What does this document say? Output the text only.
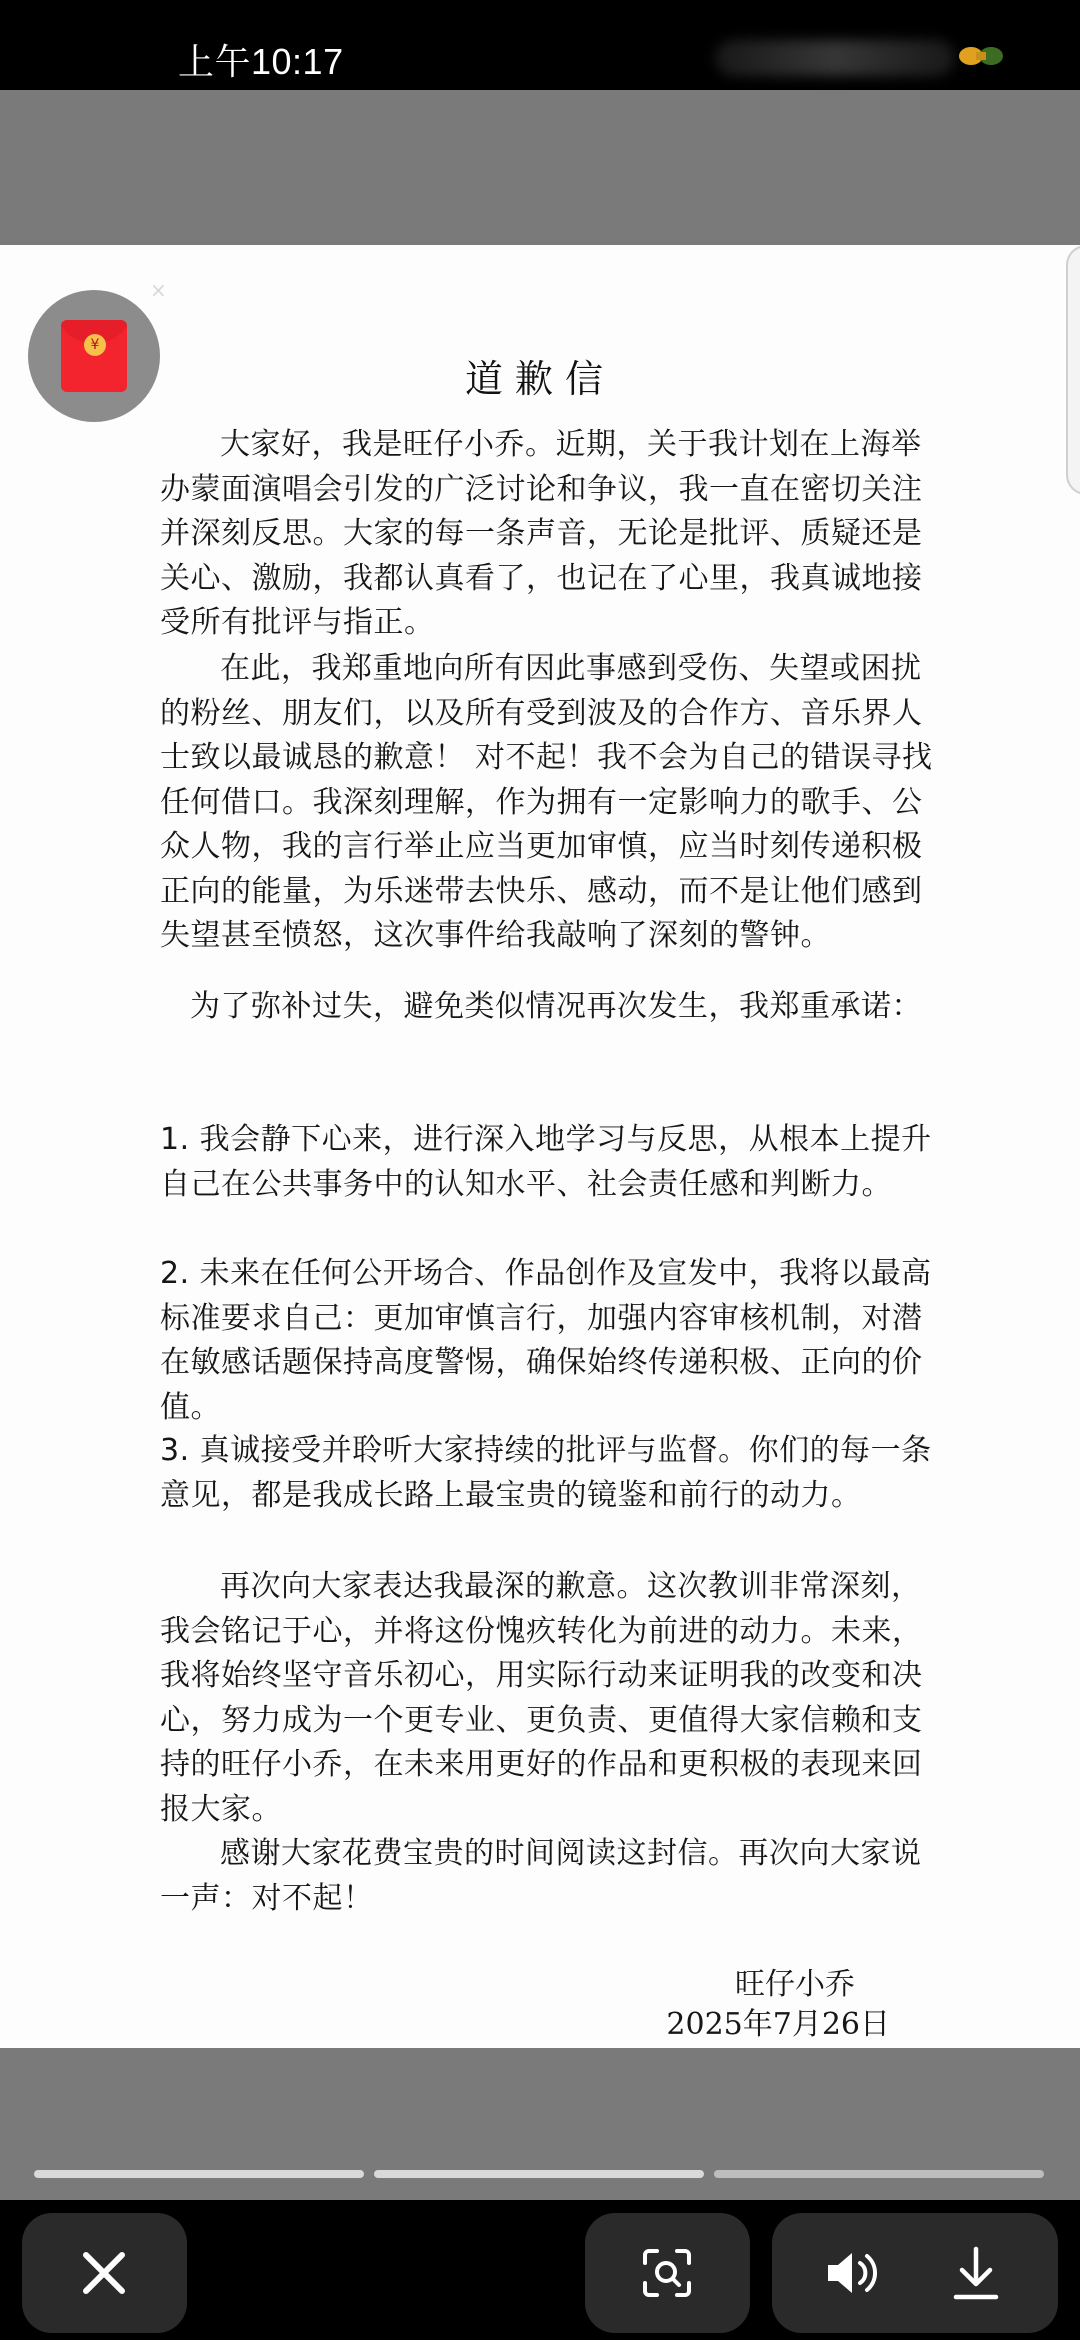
上午10:17
道歉信

大家好，我是旺仔小乔。近期，关于我计划在上海举办蒙面演唱会引发的广泛讨论和争议，我一直在密切关注并深刻反思。大家的每一条声音，无论是批评、质疑还是关心、激励，我都认真看了，也记在了心里，我真诚地接受所有批评与指正。

在此，我郑重地向所有因此事感到受伤、失望或困扰的粉丝、朋友们，以及所有受到波及的合作方、音乐界人士致以最诚恳的歉意！ 对不起！我不会为自己的错误寻找任何借口。我深刻理解，作为拥有一定影响力的歌手、公众人物，我的言行举止应当更加审慎，应当时刻传递积极正向的能量，为乐迷带去快乐、感动，而不是让他们感到失望甚至愤怒，这次事件给我敲响了深刻的警钟。

为了弥补过失，避免类似情况再次发生，我郑重承诺：

1. 我会静下心来，进行深入地学习与反思，从根本上提升自己在公共事务中的认知水平、社会责任感和判断力。

2. 未来在任何公开场合、作品创作及宣发中，我将以最高标准要求自己：更加审慎言行，加强内容审核机制，对潜在敏感话题保持高度警惕，确保始终传递积极、正向的价值。

3. 真诚接受并聆听大家持续的批评与监督。你们的每一条意见，都是我成长路上最宝贵的镜鉴和前行的动力。

再次向大家表达我最深的歉意。这次教训非常深刻，我会铭记于心，并将这份愧疚转化为前进的动力。未来，我将始终坚守音乐初心，用实际行动来证明我的改变和决心，努力成为一个更专业、更负责、更值得大家信赖和支持的旺仔小乔，在未来用更好的作品和更积极的表现来回报大家。

感谢大家花费宝贵的时间阅读这封信。再次向大家说一声：对不起！

旺仔小乔
2025年7月26日
¥
×
